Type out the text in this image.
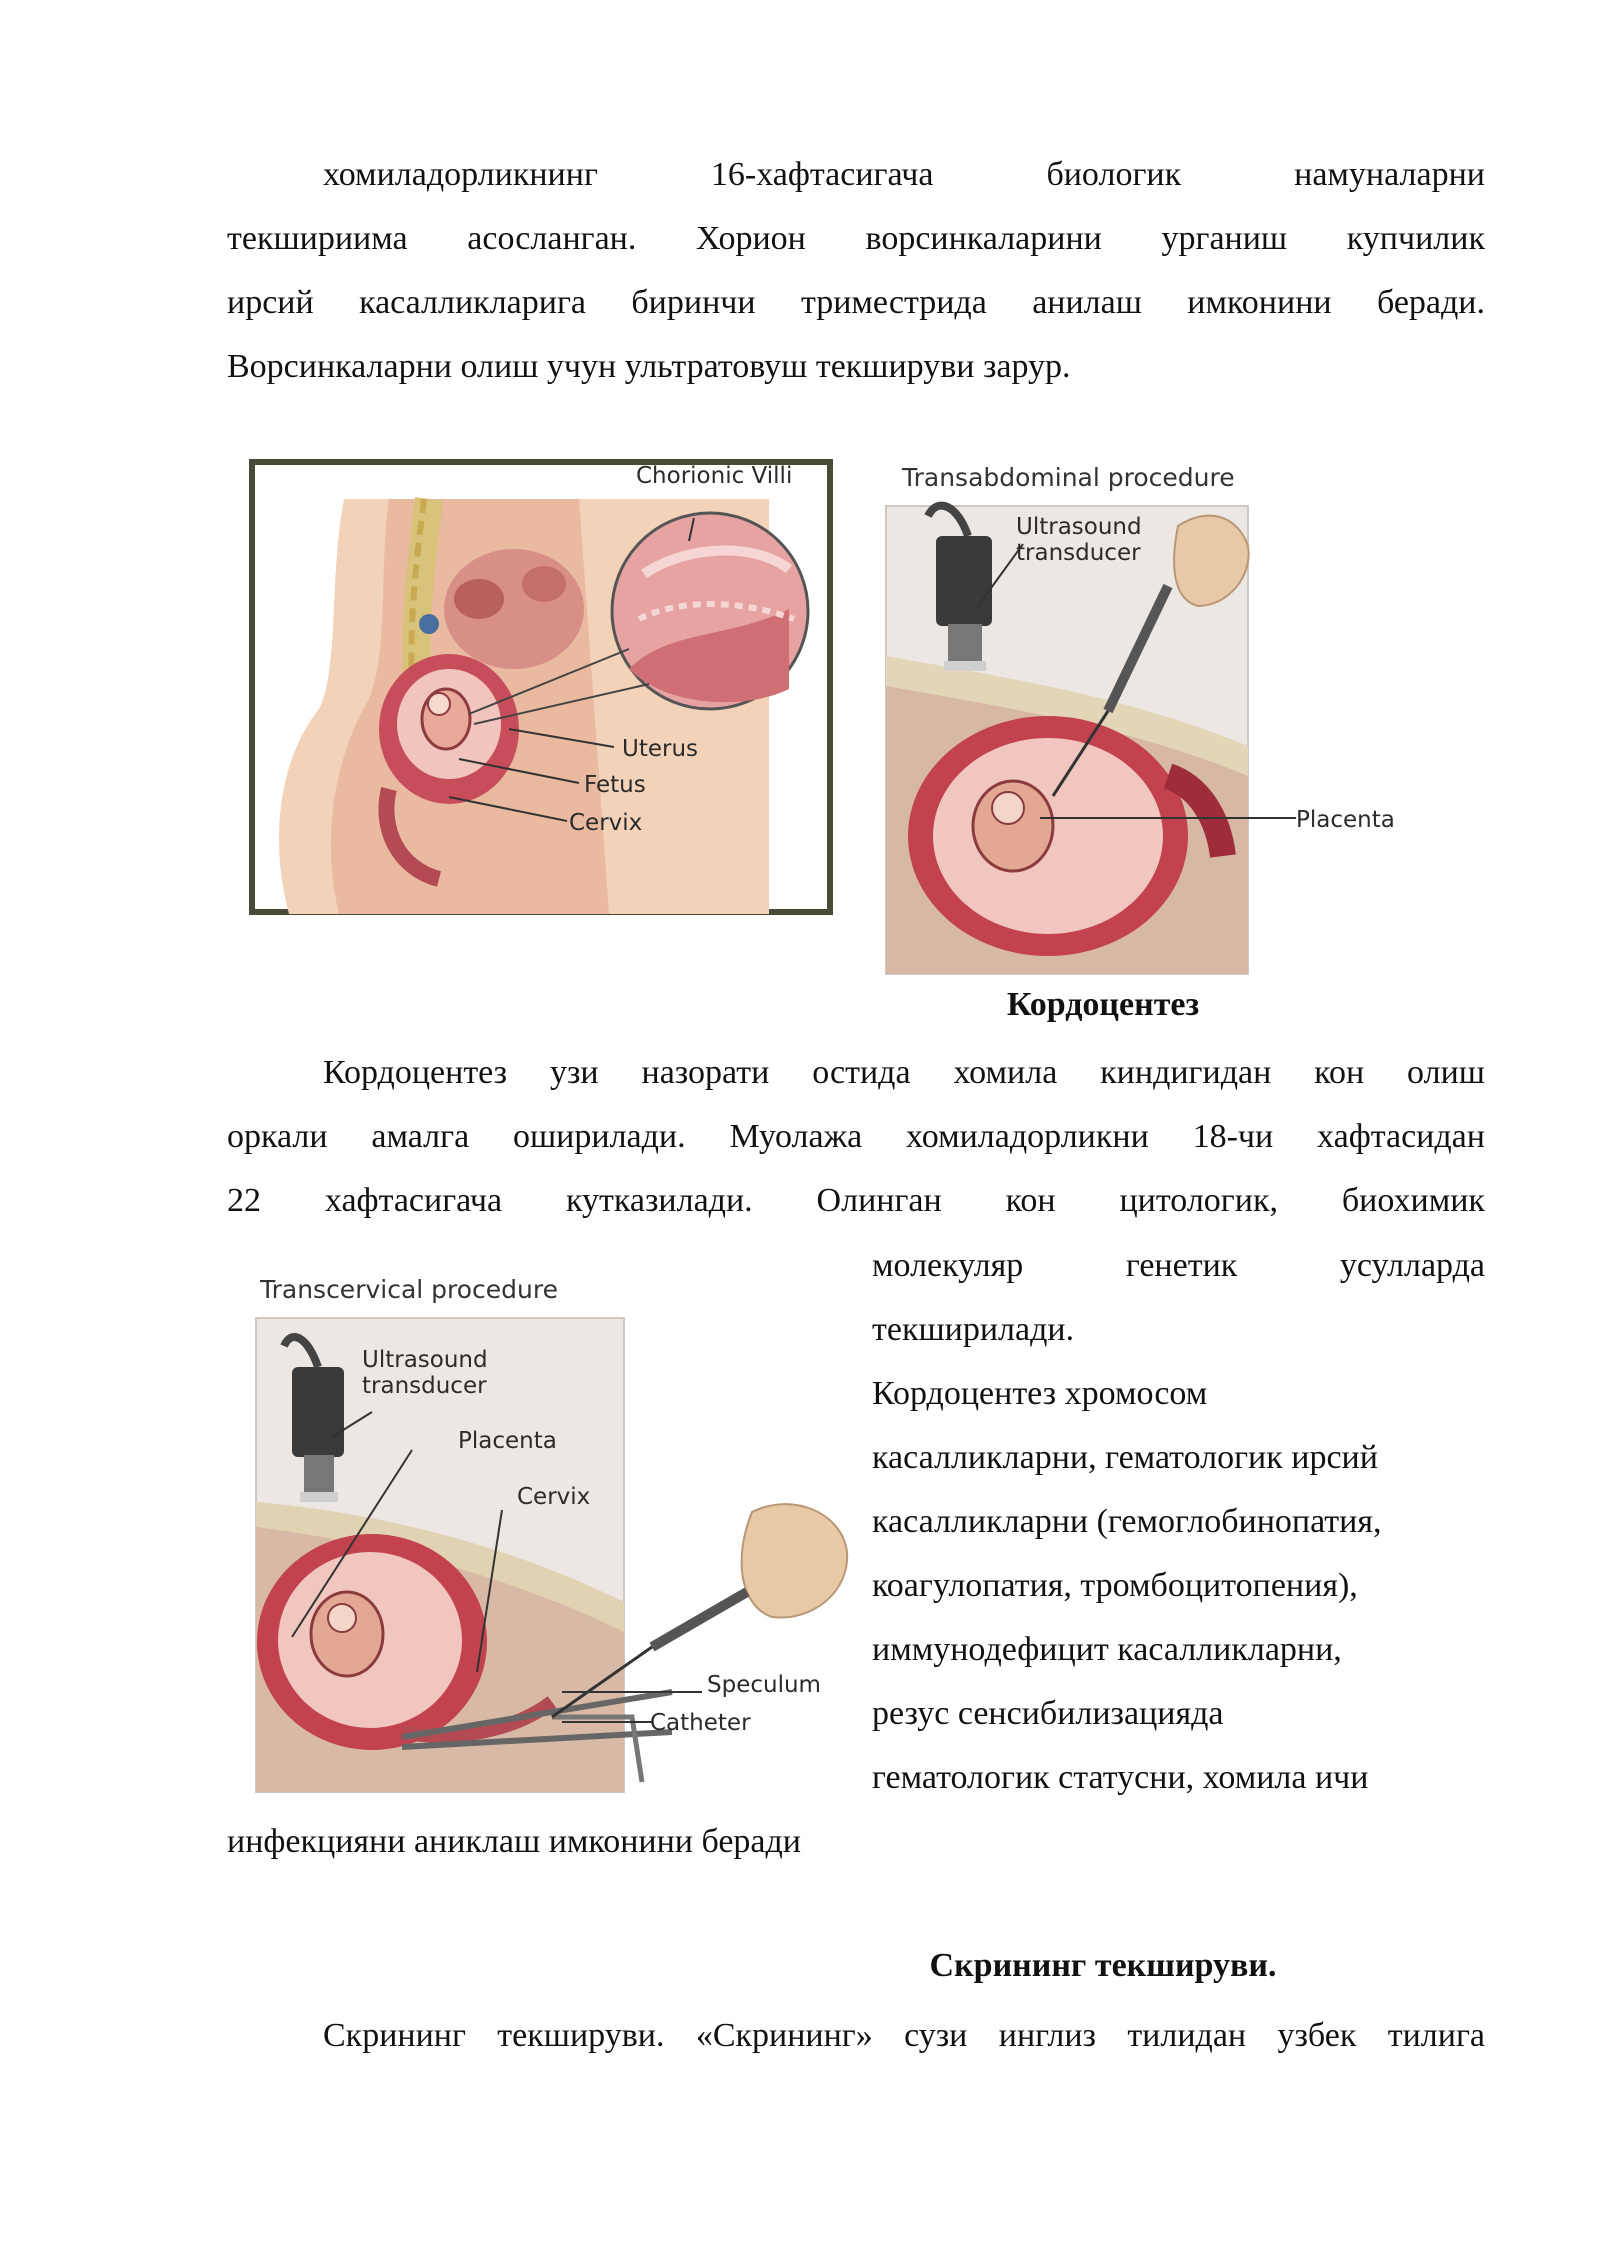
хомиладорликнинг	16-хафтасигача	биологик	намуналарни
текшириима асосланган. Хорион ворсинкаларини урганиш купчилик
ирсий касалликларига биринчи триместрида анилаш имконини беради.
Ворсинкаларни олиш учун ультратовуш текшируви зарур.
Chorionic Villi
Uterus
Fetus
Cervix
Transabdominal procedure
Ultrasound
transducer
Placenta
Кордоцентез
Кордоцентез узи назорати остида хомила киндигидан кон олиш
оркали амалга оширилади. Муолажа хомиладорликни 18-чи хафтасидан
22 хафтасигача кутказилади. Олинган кон цитологик, биохимик
Transcervical procedure
Ultrasound
transducer
Placenta
Cervix
Speculum
Catheter
молекуляр	генетик	усулларда
текширилади.
Кордоцентез хромосом
касалликларни, гематологик ирсий
касалликларни (гемоглобинопатия,
коагулопатия, тромбоцитопения),
иммунодефицит касалликларни,
резус сенсибилизацияда
гематологик статусни, хомила ичи
инфекцияни аниклаш имконини беради
Скрининг текшируви.
Скрининг текшируви. «Скрининг» сузи инглиз тилидан узбек тилига
